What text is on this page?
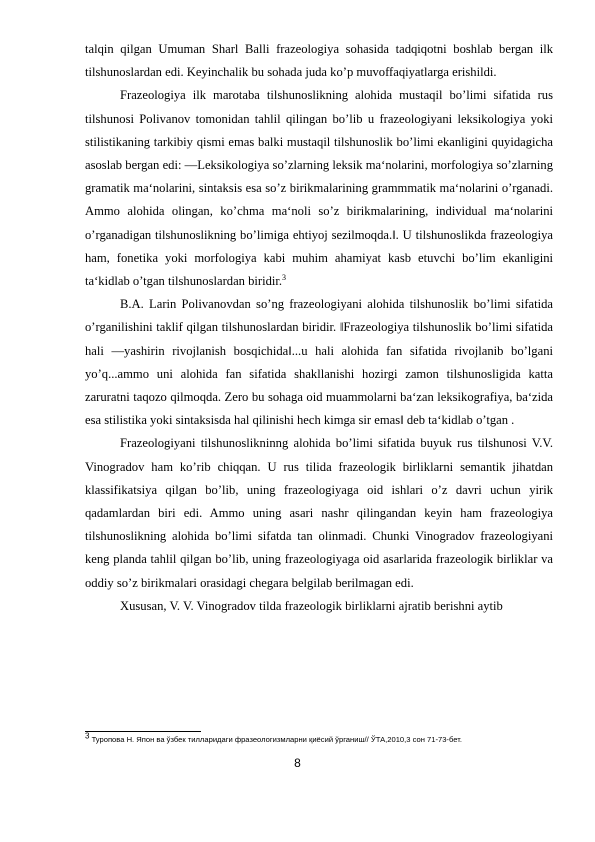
talqin qilgan Umuman Sharl Balli frazeologiya sohasida tadqiqotni boshlab bergan ilk tilshunoslardan edi. Keyinchalik bu sohada juda ko’p muvoffaqiyatlarga erishildi.

Frazeologiya ilk marotaba tilshunoslikning alohida mustaqil bo’limi sifatida rus tilshunosi Polivanov tomonidan tahlil qilingan bo’lib u frazeologiyani leksikologiya yoki stilistikaning tarkibiy qismi emas balki mustaqil tilshunoslik bo’limi ekanligini quyidagicha asoslab bergan edi: ―Leksikologiya so’zlarning leksik ma‘nolarini, morfologiya so’zlarning gramatik ma‘nolarini, sintaksis esa so’z birikmalarining grammmatik ma‘nolarini o’rganadi. Ammo alohida olingan, ko’chma ma‘noli so’z birikmalarining, individual ma‘nolarini o’rganadigan tilshunoslikning bo’limiga ehtiyoj sezilmoqda.‖. U tilshunoslikda frazeologiya ham, fonetika yoki morfologiya kabi muhim ahamiyat kasb etuvchi bo’lim ekanligini ta‘kidlab o’tgan tilshunoslardan biridir.$^3$

B.A. Larin Polivanovdan so’ng frazeologiyani alohida tilshunoslik bo’limi sifatida o’rganilishini taklif qilgan tilshunoslardan biridir. ‖Frazeologiya tilshunoslik bo’limi sifatida hali ―yashirin rivojlanish bosqichida‖...u hali alohida fan sifatida rivojlanib bo’lgani yo’q...ammo uni alohida fan sifatida shakllanishi hozirgi zamon tilshunosligida katta zaruratni taqozo qilmoqda. Zero bu sohaga oid muammolarni ba‘zan leksikografiya, ba‘zida esa stilistika yoki sintaksisda hal qilinishi hech kimga sir emas‖ deb ta‘kidlab o’tgan .

Frazeologiyani tilshunoslikninng alohida bo’limi sifatida buyuk rus tilshunosi V.V. Vinogradov ham ko’rib chiqqan. U rus tilida frazeologik birliklarni semantik jihatdan klassifikatsiya qilgan bo’lib, uning frazeologiyaga oid ishlari o’z davri uchun yirik qadamlardan biri edi. Ammo uning asari nashr qilingandan keyin ham frazeologiya tilshunoslikning alohida bo’limi sifatda tan olinmadi. Chunki Vinogradov frazeologiyani keng planda tahlil qilgan bo’lib, uning frazeologiyaga oid asarlarida frazeologik birliklar va oddiy so’z birikmalari orasidagi chegara belgilab berilmagan edi.

Xususan, V. V. Vinogradov tilda frazeologik birliklarni ajratib berishni aytib

$^3$ Туропова Н. Япон ва ўзбек тилларидаги фразеологизмларни қиёсий ўрганиш// ЎТА,2010,3 сон 71-73-бет.
8
